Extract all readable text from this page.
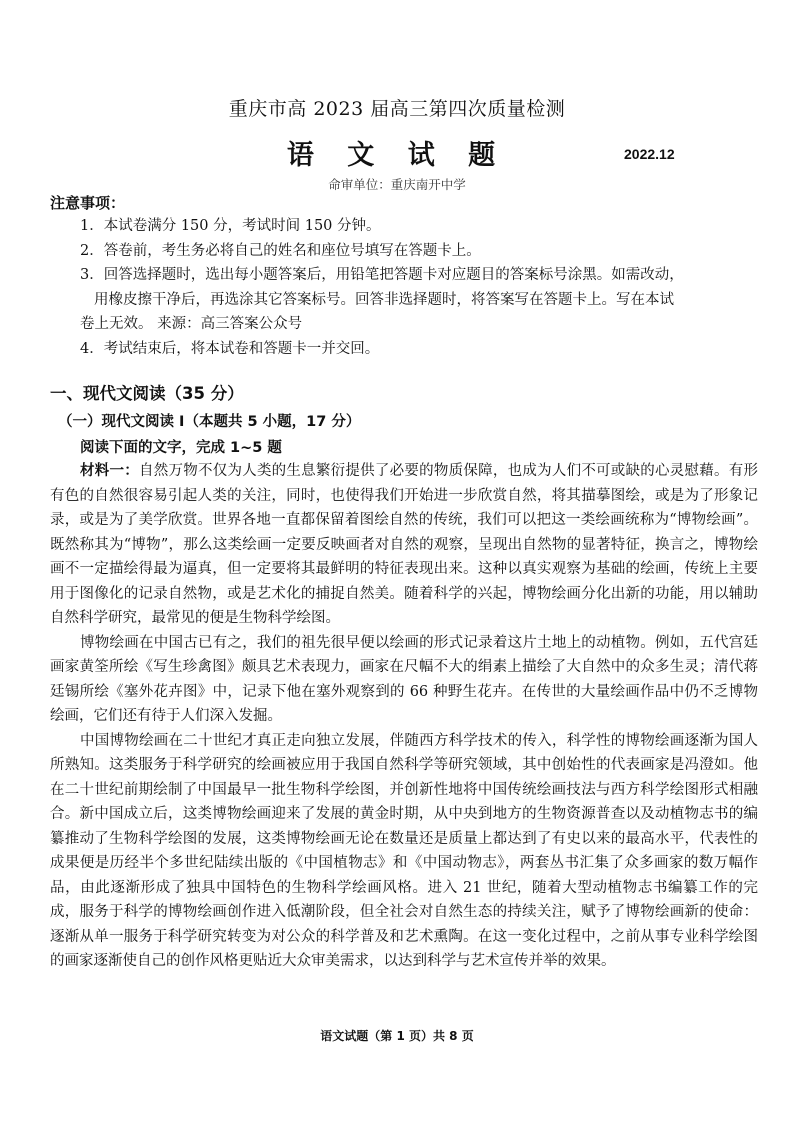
重庆市高 2023 届高三第四次质量检测
语 文 试 题	2022.12
命审单位：重庆南开中学
注意事项：
1．本试卷满分 150 分，考试时间 150 分钟。
2．答卷前，考生务必将自己的姓名和座位号填写在答题卡上。
3．回答选择题时，选出每小题答案后，用铅笔把答题卡对应题目的答案标号涂黑。如需改动，
用橡皮擦干净后，再选涂其它答案标号。回答非选择题时，将答案写在答题卡上。写在本试
卷上无效。 来源：高三答案公众号
4．考试结束后，将本试卷和答题卡一并交回。
一、现代文阅读（35 分）
（一）现代文阅读 I（本题共 5 小题，17 分）
阅读下面的文字，完成 1~5 题

材料一：自然万物不仅为人类的生息繁衍提供了必要的物质保障，也成为人们不可或缺的心灵慰藉。有形有色的自然很容易引起人类的关注，同时，也使得我们开始进一步欣赏自然，将其描摹图绘，或是为了形象记录，或是为了美学欣赏。世界各地一直都保留着图绘自然的传统，我们可以把这一类绘画统称为“博物绘画”。既然称其为“博物”，那么这类绘画一定要反映画者对自然的观察，呈现出自然物的显著特征，换言之，博物绘画不一定描绘得最为逼真，但一定要将其最鲜明的特征表现出来。这种以真实观察为基础的绘画，传统上主要用于图像化的记录自然物，或是艺术化的捕捉自然美。随着科学的兴起，博物绘画分化出新的功能，用以辅助自然科学研究，最常见的便是生物科学绘图。

博物绘画在中国古已有之，我们的祖先很早便以绘画的形式记录着这片土地上的动植物。例如，五代宫廷画家黄筌所绘《写生珍禽图》颇具艺术表现力，画家在尺幅不大的绢素上描绘了大自然中的众多生灵；清代蒋廷锡所绘《塞外花卉图》中，记录下他在塞外观察到的 66 种野生花卉。在传世的大量绘画作品中仍不乏博物绘画，它们还有待于人们深入发掘。

中国博物绘画在二十世纪才真正走向独立发展，伴随西方科学技术的传入，科学性的博物绘画逐渐为国人所熟知。这类服务于科学研究的绘画被应用于我国自然科学等研究领域，其中创始性的代表画家是冯澄如。他在二十世纪前期绘制了中国最早一批生物科学绘图，并创新性地将中国传统绘画技法与西方科学绘图形式相融合。新中国成立后，这类博物绘画迎来了发展的黄金时期，从中央到地方的生物资源普查以及动植物志书的编纂推动了生物科学绘图的发展，这类博物绘画无论在数量还是质量上都达到了有史以来的最高水平，代表性的成果便是历经半个多世纪陆续出版的《中国植物志》和《中国动物志》，两套丛书汇集了众多画家的数万幅作品，由此逐渐形成了独具中国特色的生物科学绘画风格。进入 21 世纪，随着大型动植物志书编纂工作的完成，服务于科学的博物绘画创作进入低潮阶段，但全社会对自然生态的持续关注，赋予了博物绘画新的使命：逐渐从单一服务于科学研究转变为对公众的科学普及和艺术熏陶。在这一变化过程中，之前从事专业科学绘图的画家逐渐使自己的创作风格更贴近大众审美需求，以达到科学与艺术宣传并举的效果。

语文试题（第 1 页）共 8 页
